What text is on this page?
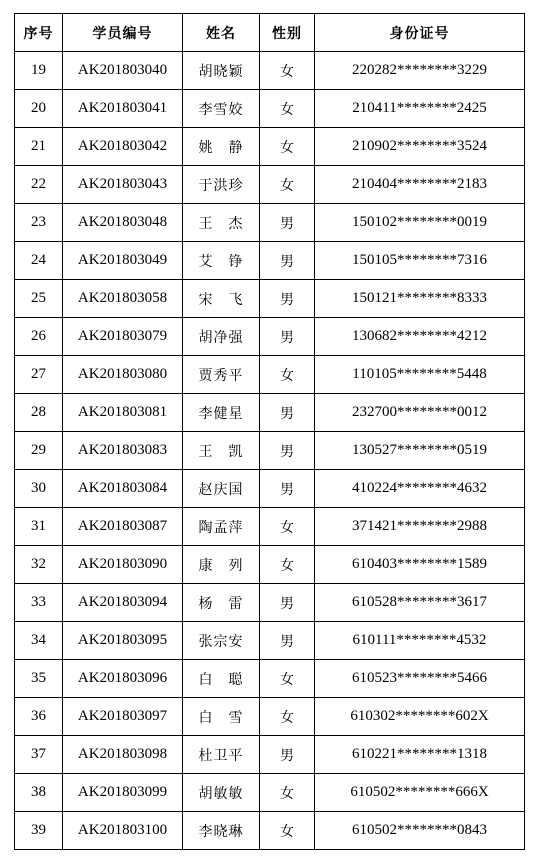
序号	学员编号	姓名	性别	身份证号
19	AK201803040	胡晓颖	女	220282********3229
20	AK201803041	李雪姣	女	210411********2425
21	AK201803042	姚　静	女	210902********3524
22	AK201803043	于洪珍	女	210404********2183
23	AK201803048	王　杰	男	150102********0019
24	AK201803049	艾　铮	男	150105********7316
25	AK201803058	宋　飞	男	150121********8333
26	AK201803079	胡净强	男	130682********4212
27	AK201803080	贾秀平	女	110105********5448
28	AK201803081	李健星	男	232700********0012
29	AK201803083	王　凯	男	130527********0519
30	AK201803084	赵庆国	男	410224********4632
31	AK201803087	陶孟萍	女	371421********2988
32	AK201803090	康　列	女	610403********1589
33	AK201803094	杨　雷	男	610528********3617
34	AK201803095	张宗安	男	610111********4532
35	AK201803096	白　聪	女	610523********5466
36	AK201803097	白　雪	女	610302********602X
37	AK201803098	杜卫平	男	610221********1318
38	AK201803099	胡敏敏	女	610502********666X
39	AK201803100	李晓琳	女	610502********0843
